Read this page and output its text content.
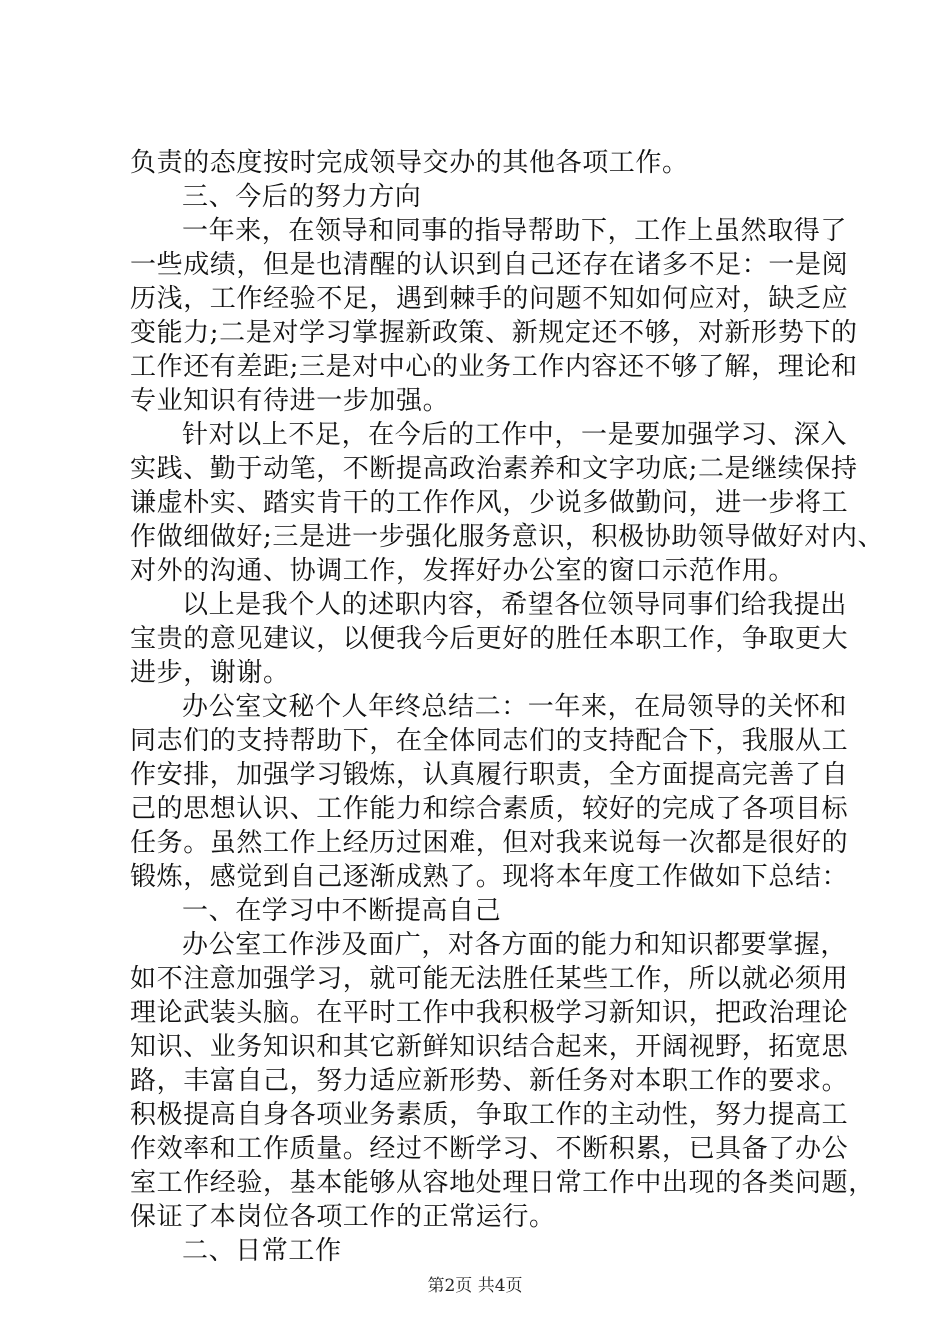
负责的态度按时完成领导交办的其他各项工作。
三、今后的努力方向
一年来，在领导和同事的指导帮助下，工作上虽然取得了
一些成绩，但是也清醒的认识到自己还存在诸多不足：一是阅
历浅，工作经验不足，遇到棘手的问题不知如何应对，缺乏应
变能力;二是对学习掌握新政策、新规定还不够，对新形势下的
工作还有差距;三是对中心的业务工作内容还不够了解，理论和
专业知识有待进一步加强。
针对以上不足，在今后的工作中，一是要加强学习、深入
实践、勤于动笔，不断提高政治素养和文字功底;二是继续保持
谦虚朴实、踏实肯干的工作作风，少说多做勤问，进一步将工
作做细做好;三是进一步强化服务意识，积极协助领导做好对内、
对外的沟通、协调工作，发挥好办公室的窗口示范作用。
以上是我个人的述职内容，希望各位领导同事们给我提出
宝贵的意见建议，以便我今后更好的胜任本职工作，争取更大
进步，谢谢。
办公室文秘个人年终总结二：一年来，在局领导的关怀和
同志们的支持帮助下，在全体同志们的支持配合下，我服从工
作安排，加强学习锻炼，认真履行职责，全方面提高完善了自
己的思想认识、工作能力和综合素质，较好的完成了各项目标
任务。虽然工作上经历过困难，但对我来说每一次都是很好的
锻炼，感觉到自己逐渐成熟了。现将本年度工作做如下总结：
一、在学习中不断提高自己
办公室工作涉及面广，对各方面的能力和知识都要掌握，
如不注意加强学习，就可能无法胜任某些工作，所以就必须用
理论武装头脑。在平时工作中我积极学习新知识，把政治理论
知识、业务知识和其它新鲜知识结合起来，开阔视野，拓宽思
路，丰富自己，努力适应新形势、新任务对本职工作的要求。
积极提高自身各项业务素质，争取工作的主动性，努力提高工
作效率和工作质量。经过不断学习、不断积累，已具备了办公
室工作经验，基本能够从容地处理日常工作中出现的各类问题，
保证了本岗位各项工作的正常运行。
二、日常工作
第2页 共4页
